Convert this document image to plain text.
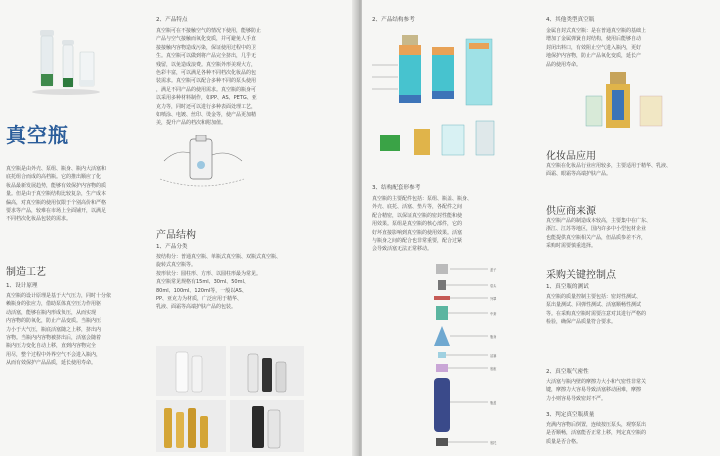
真空瓶
真空瓶是由外壳、泵组、瓶身、瓶内大活塞和
底托组合而成的高档瓶。它的推出顺应了化
妆品最新发展趋势，能够有效保护内容物的质
量。但是由于真空瓶结构比较复杂，生产成本
偏高，对真空瓶的使用仅限于个别高价和严格
要求等产品，较难在市场上全面铺开，以满足
不同档次化妆品包装的需求。
制造工艺
1、设计原理
真空瓶的设计原理是基于大气压力，同时十分依
赖瓶身的张应力，借助泵体真空压力作用驱
动活塞，能够在瓶内形成负压，从而实现
内容物的防氧化，防止产品变质。当瓶内压
力小于大气压，瓶底活塞随之上移，挤出内
容物。当瓶内内容物被挤出后，活塞会随着
瓶内压力变化自动上移，直到内容物完全
用尽，整个过程中外界空气不会进入瓶内，
从而有效保护产品品质，延长使用寿命。
2、产品特点
真空瓶可在不接触空气的情况下使用，能够防止
产品与空气接触而氧化变质，并可避免人手直
接接触内容物造成污染，保证使用过程中的卫
生。真空瓶可以做到将产品完全挤出，几乎无
残留，以免造成浪费。真空瓶外形美观大方，
色彩丰富，可以满足各种不同档次化妆品的包
装需求。真空瓶可以配合多种不同的泵头使用
，满足不同产品的使用需求。真空瓶的瓶身可
以采用多种材料制作，如PP、AS、PETG、亚
克力等，同时还可以进行多种表面处理工艺，
如喷涂、电镀、丝印、烫金等，使产品更加精
美，提升产品的档次和附加值。
产品结构
1、产品分类
按结构分：普通真空瓶、单瓶式真空瓶、双瓶式真空瓶、
旋转式真空瓶等。
按形状分：圆柱形、方形、以圆柱形最为常见。
真空瓶常见规格有15ml、30ml、50ml、
80ml、100ml、120ml等，一般以AS、
PP、亚克力为材质，广泛应用于精华、
乳液、面霜等高端护肤产品的包装。
2、产品结构参考
3、结构配套形参考
真空瓶的主要配件包括：泵组、瓶盖、瓶身、
外壳、底托、活塞、垫片等，各配件之间
配合精密，以保证真空瓶的密封性能和使
用效果。泵组是真空瓶的核心部件，它的
好坏直接影响到真空瓶的使用效果。活塞
与瓶身之间的配合也非常重要，配合过紧
会导致活塞无法正常移动。
盖子
泵头
外罩
中套
瓶身
活塞
底座
瓶盖
底托
4、其他类型真空瓶
金属自封式真空瓶：是在普通真空瓶的基础上
增加了金属弹簧自封结构，使用后能够自动
封闭出料口，有效阻止空气进入瓶内，更好
地保护内容物，防止产品氧化变质，延长产
品的使用寿命。
化妆品应用
真空瓶在化妆品行业应用较多，主要适用于精华、乳液、
面霜、眼霜等高端护肤产品。
供应商来源
真空瓶产品的制造成本较高，主要集中在广东、
浙江、江苏等地区，国内许多中小型包材企业
也能提供真空瓶相关产品，但品质参差不齐，
采购时需要慎重选择。
采购关键控制点
1、真空瓶的测试
真空瓶的质量控制主要包括：密封性测试、
泵出量测试、回弹性测试、活塞顺畅性测试
等。在采购真空瓶时需要注意对其进行严格的
检验，确保产品质量符合要求。
2、真空瓶气密性
大活塞与瓶内壁的摩擦力大小和气密性非常关
键，摩擦力大容易导致活塞移动困难，摩擦
力小则容易导致密封不严。
3、判定真空瓶质量
充满内容物后倒置，连续按压泵头，观察泵出
是否顺畅，活塞能否正常上移，判定真空瓶的
质量是否合格。
